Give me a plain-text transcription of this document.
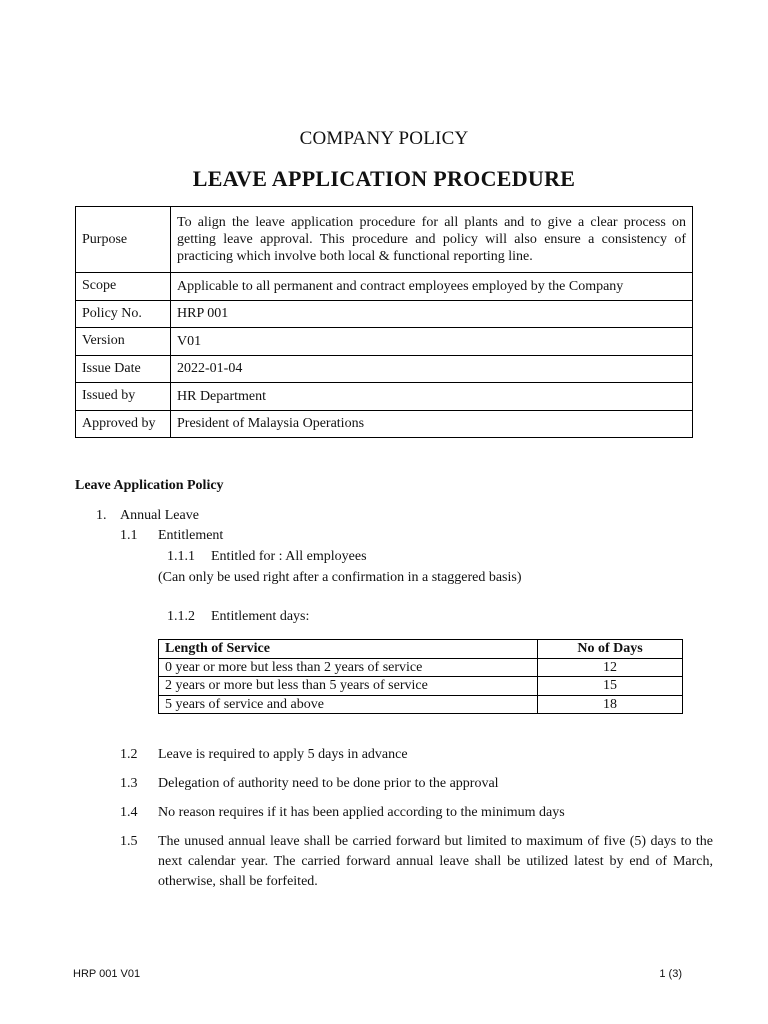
COMPANY POLICY
LEAVE APPLICATION PROCEDURE
Purpose	To align the leave application procedure for all plants and to give a clear process on getting leave approval. This procedure and policy will also ensure a consistency of practicing which involve both local & functional reporting line.
Scope	Applicable to all permanent and contract employees employed by the Company
Policy No.	HRP 001
Version	V01
Issue Date	2022-01-04
Issued by	HR Department
Approved by	President of Malaysia Operations
Leave Application Policy
1. Annual Leave
1.1 Entitlement
1.1.1 Entitled for : All employees
(Can only be used right after a confirmation in a staggered basis)
1.1.2 Entitlement days:
Length of Service	No of Days
0 year or more but less than 2 years of service	12
2 years or more but less than 5 years of service	15
5 years of service and above	18
1.2 Leave is required to apply 5 days in advance
1.3 Delegation of authority need to be done prior to the approval
1.4 No reason requires if it has been applied according to the minimum days
1.5 The unused annual leave shall be carried forward but limited to maximum of five (5) days to the next calendar year. The carried forward annual leave shall be utilized latest by end of March, otherwise, shall be forfeited.
HRP 001 V01	1 (3)
